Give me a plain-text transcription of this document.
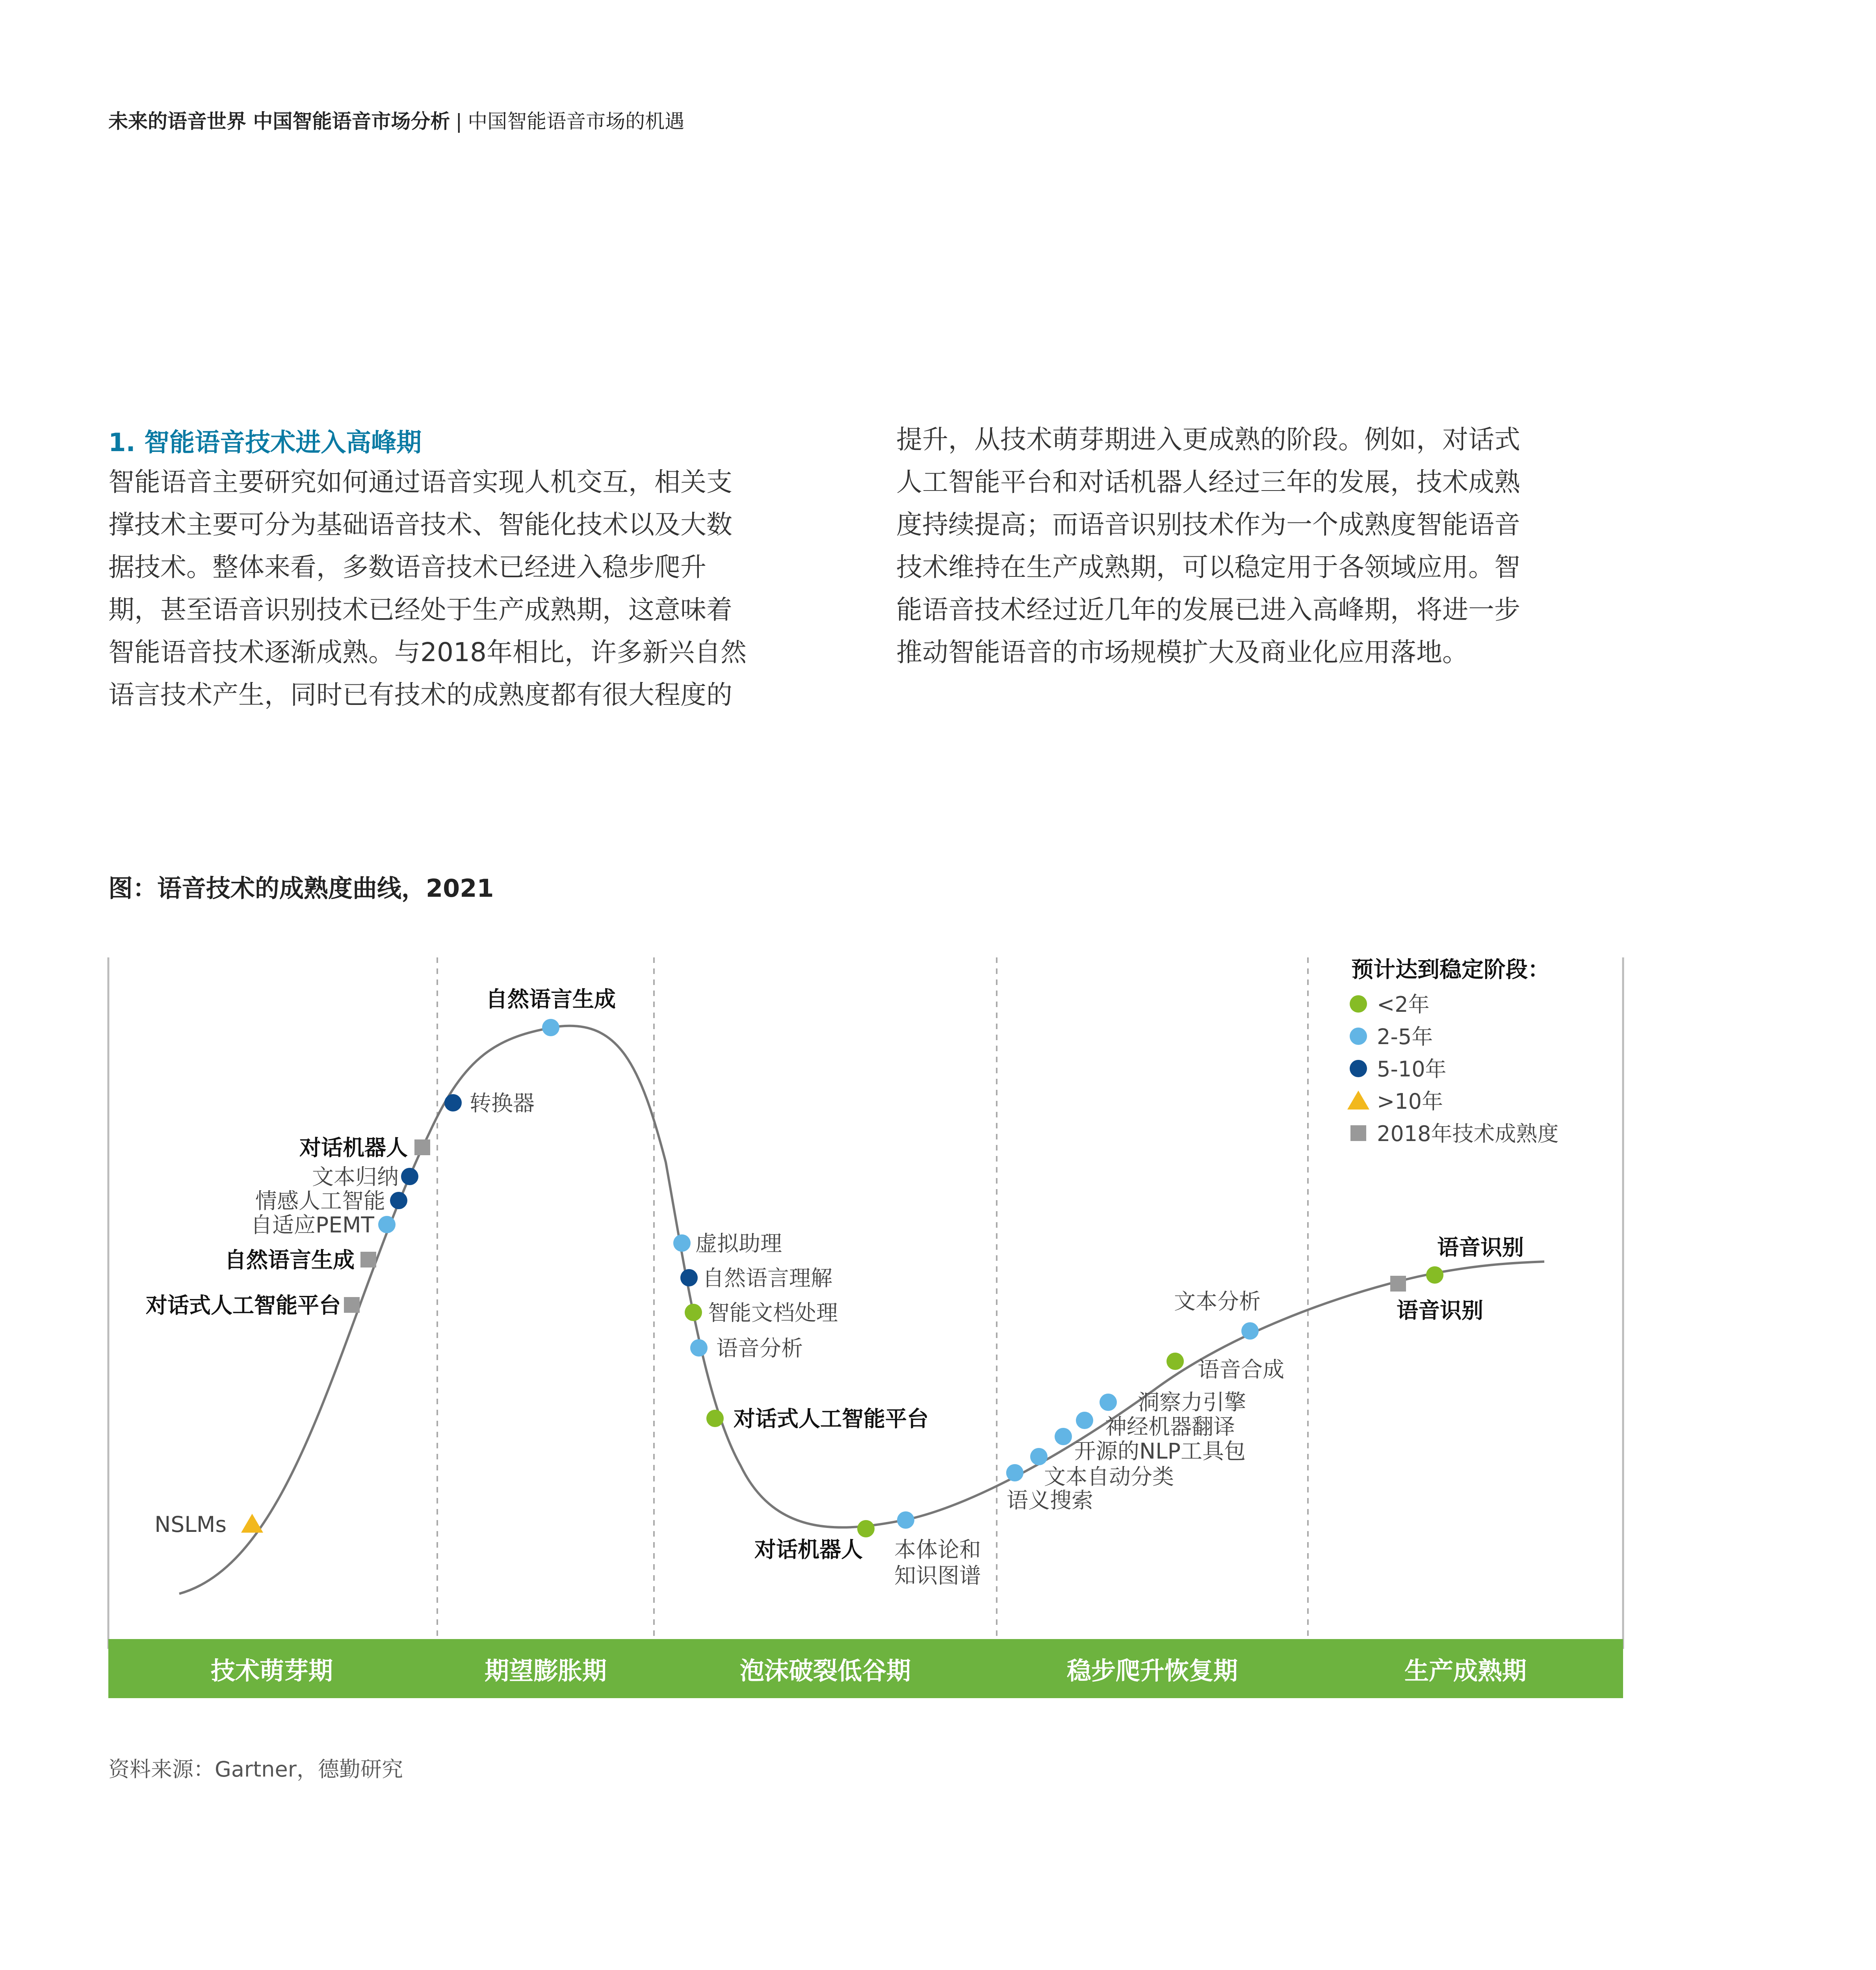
未来的语音世界 中国智能语音市场分析 | 中国智能语音市场的机遇
1. 智能语音技术进入高峰期
智能语音主要研究如何通过语音实现人机交互，相关支
撑技术主要可分为基础语音技术、智能化技术以及大数
据技术。整体来看，多数语音技术已经进入稳步爬升
期，甚至语音识别技术已经处于生产成熟期，这意味着
智能语音技术逐渐成熟。与2018年相比，许多新兴自然
语言技术产生，同时已有技术的成熟度都有很大程度的
提升，从技术萌芽期进入更成熟的阶段。例如，对话式
人工智能平台和对话机器人经过三年的发展，技术成熟
度持续提高；而语音识别技术作为一个成熟度智能语音
技术维持在生产成熟期，可以稳定用于各领域应用。智
能语音技术经过近几年的发展已进入高峰期，将进一步
推动智能语音的市场规模扩大及商业化应用落地。
图：语音技术的成熟度曲线，2021
技术萌芽期	期望膨胀期	泡沫破裂低谷期	稳步爬升恢复期	生产成熟期
NSLMs
对话式人工智能平台
自然语言生成
自适应PEMT
情感人工智能
文本归纳
对话机器人
转换器
自然语言生成
虚拟助理
自然语言理解
智能文档处理
语音分析
对话式人工智能平台
对话机器人 本体论和
知识图谱
语义搜索
文本自动分类
开源的NLP工具包
神经机器翻译
洞察力引擎
语音合成
文本分析	语音识别
语音识别
预计达到稳定阶段：
<2年
2-5年
5-10年
>10年
2018年技术成熟度
资料来源：Gartner，德勤研究
